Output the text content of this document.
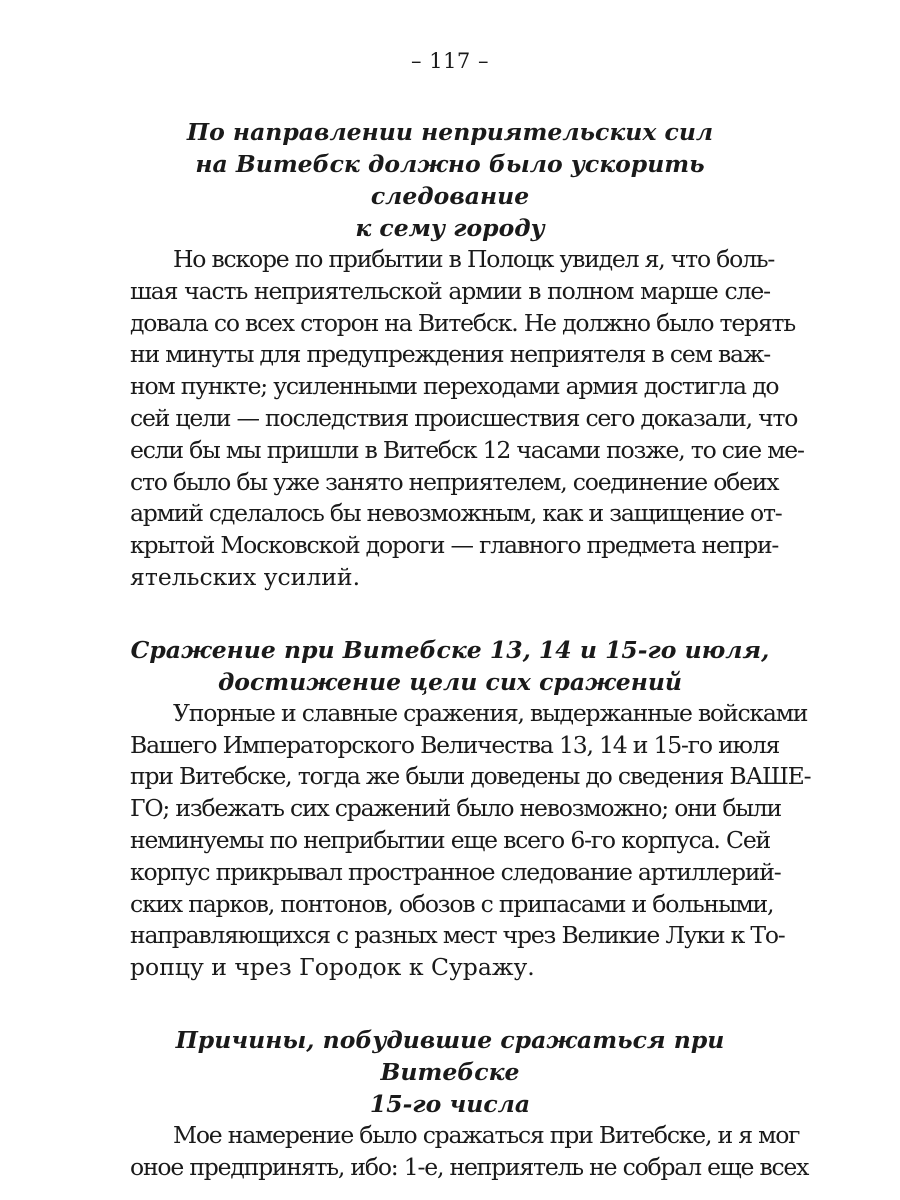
– 117 –
По направлении неприятельских сил
на Витебск должно было ускорить следование
к сему городу
Но вскоре по прибытии в Полоцк увидел я, что боль-
шая часть неприятельской армии в полном марше сле-
довала со всех сторон на Витебск. Не должно было терять
ни минуты для предупреждения неприятеля в сем важ-
ном пункте; усиленными переходами армия достигла до
сей цели — последствия происшествия сего доказали, что
если бы мы пришли в Витебск 12 часами позже, то сие ме-
сто было бы уже занято неприятелем, соединение обеих
армий сделалось бы невозможным, как и защищение от-
крытой Московской дороги — главного предмета непри-
ятельских усилий.
Сражение при Витебске 13, 14 и 15-го июля,
достижение цели сих сражений
Упорные и славные сражения, выдержанные войсками
Вашего Императорского Величества 13, 14 и 15-го июля
при Витебске, тогда же были доведены до сведения ВАШЕ-
ГО; избежать сих сражений было невозможно; они были
неминуемы по неприбытии еще всего 6-го корпуса. Сей
корпус прикрывал пространное следование артиллерий-
ских парков, понтонов, обозов с припасами и больными,
направляющихся с разных мест чрез Великие Луки к То-
ропцу и чрез Городок к Суражу.
Причины, побудившие сражаться при Витебске
15-го числа
Мое намерение было сражаться при Витебске, и я мог
оное предпринять, ибо: 1-е, неприятель не собрал еще всех
